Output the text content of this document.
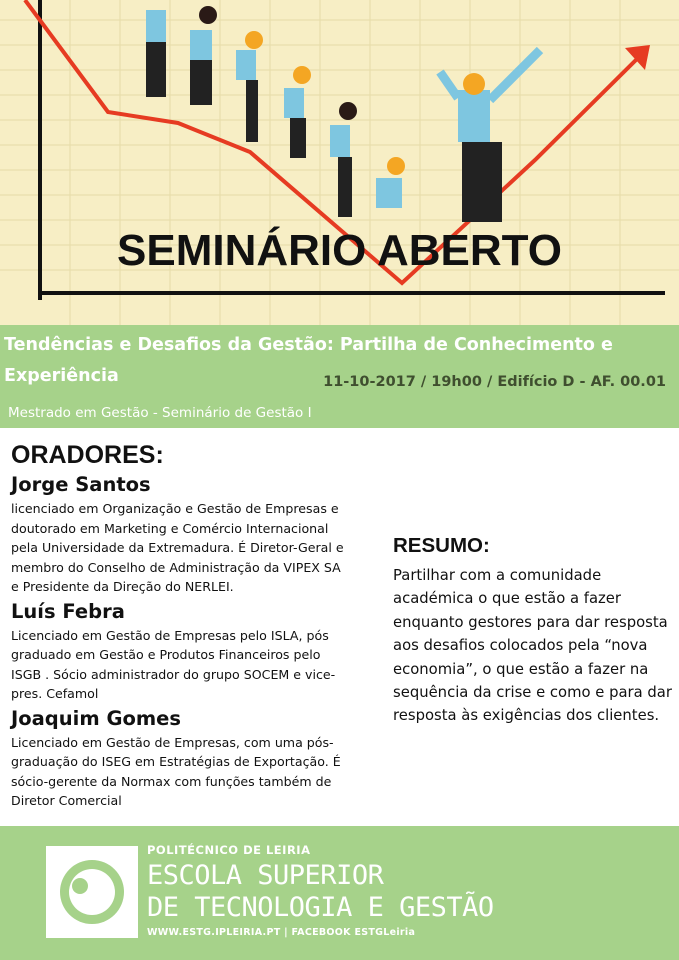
SEMINÁRIO ABERTO
Tendências e Desafios da Gestão: Partilha de Conhecimento e Experiência	11-10-2017 / 19h00 / Edifício D - AF. 00.01
Mestrado em Gestão - Seminário de Gestão I
ORADORES:
Jorge Santos

licenciado em Organização e Gestão de Empresas e doutorado em Marketing e Comércio Internacional pela Universidade da Extremadura. É Diretor-Geral e membro do Conselho de Administração da VIPEX SA e Presidente da Direção do NERLEI.

Luís Febra

Licenciado em Gestão de Empresas pelo ISLA, pós graduado em Gestão e Produtos Financeiros pelo ISGB . Sócio administrador do grupo SOCEM e vice-pres. Cefamol

Joaquim Gomes

Licenciado em Gestão de Empresas, com uma pós-graduação do ISEG em Estratégias de Exportação. É sócio-gerente da Normax com funções também de Diretor Comercial

RESUMO:

Partilhar com a comunidade académica o que estão a fazer enquanto gestores para dar resposta aos desafios colocados pela “nova economia”, o que estão a fazer na sequência da crise e como e para dar resposta às exigências dos clientes.

POLITÉCNICO DE LEIRIA
ESCOLA SUPERIOR
DE TECNOLOGIA E GESTÃO
WWW.ESTG.IPLEIRIA.PT | FACEBOOK ESTGLeiria
